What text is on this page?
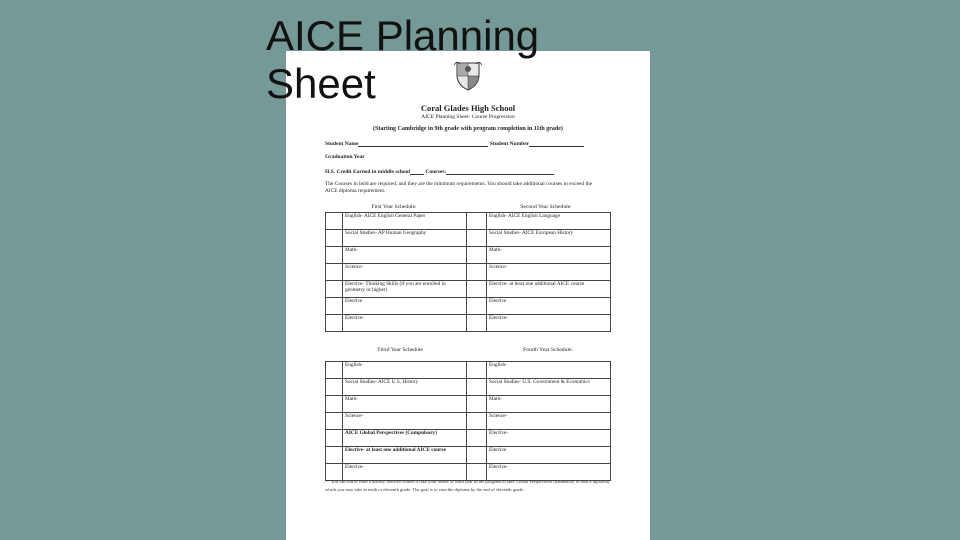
AICE Planning
Sheet
Coral Glades High School
AICE Planning Sheet- Course Progression
(Starting Cambridge in 9th grade with program completion in 11th grade)
Student Name	Student Number
Graduation Year
H.S. Credit Earned in middle school	Courses:
The Courses in bold are required, and they are the minimum requirements. You should take additional courses to exceed the AICE diploma requirement.
First Year Schedule:	Second Year Schedule:
	English- AICE English General Paper		English- AICE English Language
	Social Studies- AP Human Geography		Social Studies- AICE European History
	Math-		Math-
	Science-		Science-
	Elective- Thinking Skills (if you are enrolled in geometry or higher)		Elective- at least one additional AICE course
	Elective		Elective
	Elective-		Elective-
Third Year Schedule	Fourth Year Schedule:
	English-		English-
	Social Studies- AICE U.S. History		Social Studies- U.S. Government & Economics
	Math-		Math-
	Science-		Science-
	AICE Global Perspectives (Compulsory)		Elective-
	Elective- at least one additional AICE course		Elective
	Elective-		Elective-
** You can waive from a history, elective course if take your senior or third year in the program to take Global Perspectives (mandatory to earn a diploma) which you may take in tenth or eleventh grade. The goal is to earn the diploma by the end of eleventh grade.
